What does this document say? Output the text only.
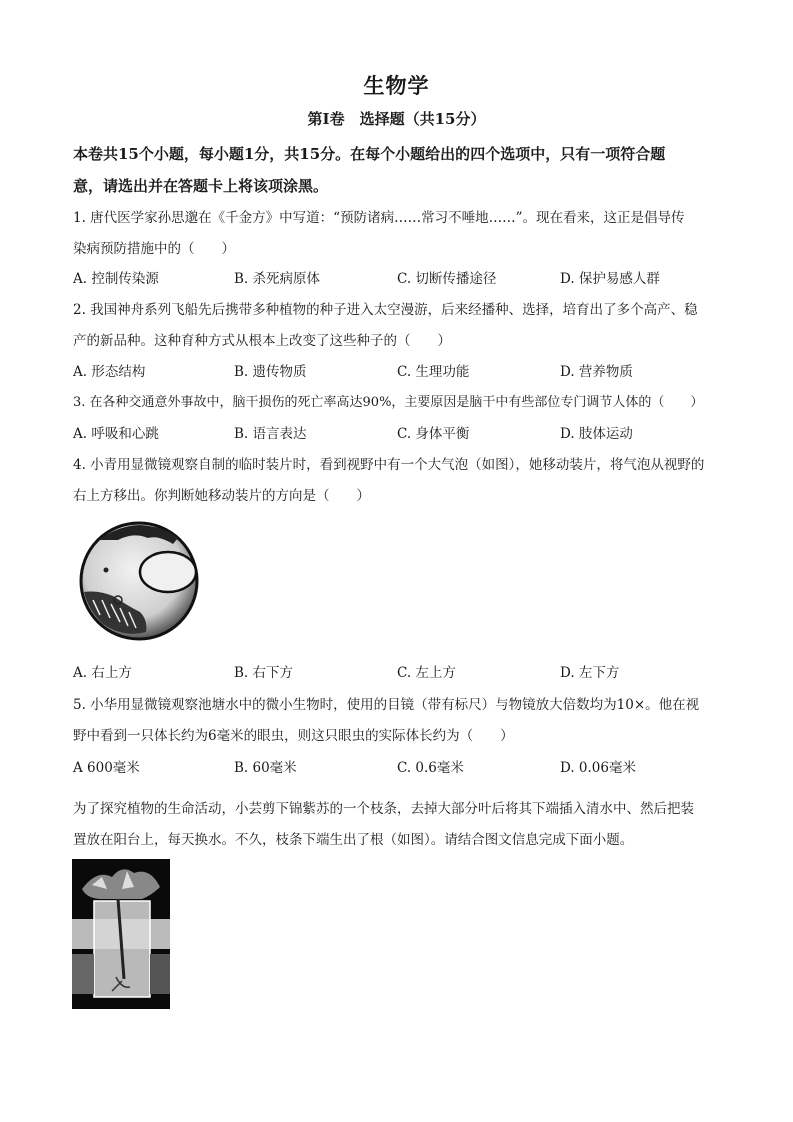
生物学
第Ⅰ卷　选择题（共15分）
本卷共15个小题，每小题1分，共15分。在每个小题给出的四个选项中，只有一项符合题
意，请选出并在答题卡上将该项涂黑。
1. 唐代医学家孙思邈在《千金方》中写道：“预防诸病……常习不唾地……”。现在看来，这正是倡导传
染病预防措施中的（　　）
A. 控制传染源	B. 杀死病原体	C. 切断传播途径	D. 保护易感人群
2. 我国神舟系列飞船先后携带多种植物的种子进入太空漫游，后来经播种、选择，培育出了多个高产、稳
产的新品种。这种育种方式从根本上改变了这些种子的（　　）
A. 形态结构	B. 遗传物质	C. 生理功能	D. 营养物质
3. 在各种交通意外事故中，脑干损伤的死亡率高达90%，主要原因是脑干中有些部位专门调节人体的（　　）
A. 呼吸和心跳	B. 语言表达	C. 身体平衡	D. 肢体运动
4. 小青用显微镜观察自制的临时装片时，看到视野中有一个大气泡（如图），她移动装片，将气泡从视野的
右上方移出。你判断她移动装片的方向是（　　）
A. 右上方	B. 右下方	C. 左上方	D. 左下方
5. 小华用显微镜观察池塘水中的微小生物时，使用的目镜（带有标尺）与物镜放大倍数均为10×。他在视
野中看到一只体长约为6毫米的眼虫，则这只眼虫的实际体长约为（　　）
A 600毫米	B. 60毫米	C. 0.6毫米	D. 0.06毫米
为了探究植物的生命活动，小芸剪下锦紫苏的一个枝条，去掉大部分叶后将其下端插入清水中、然后把装
置放在阳台上，每天换水。不久，枝条下端生出了根（如图）。请结合图文信息完成下面小题。
